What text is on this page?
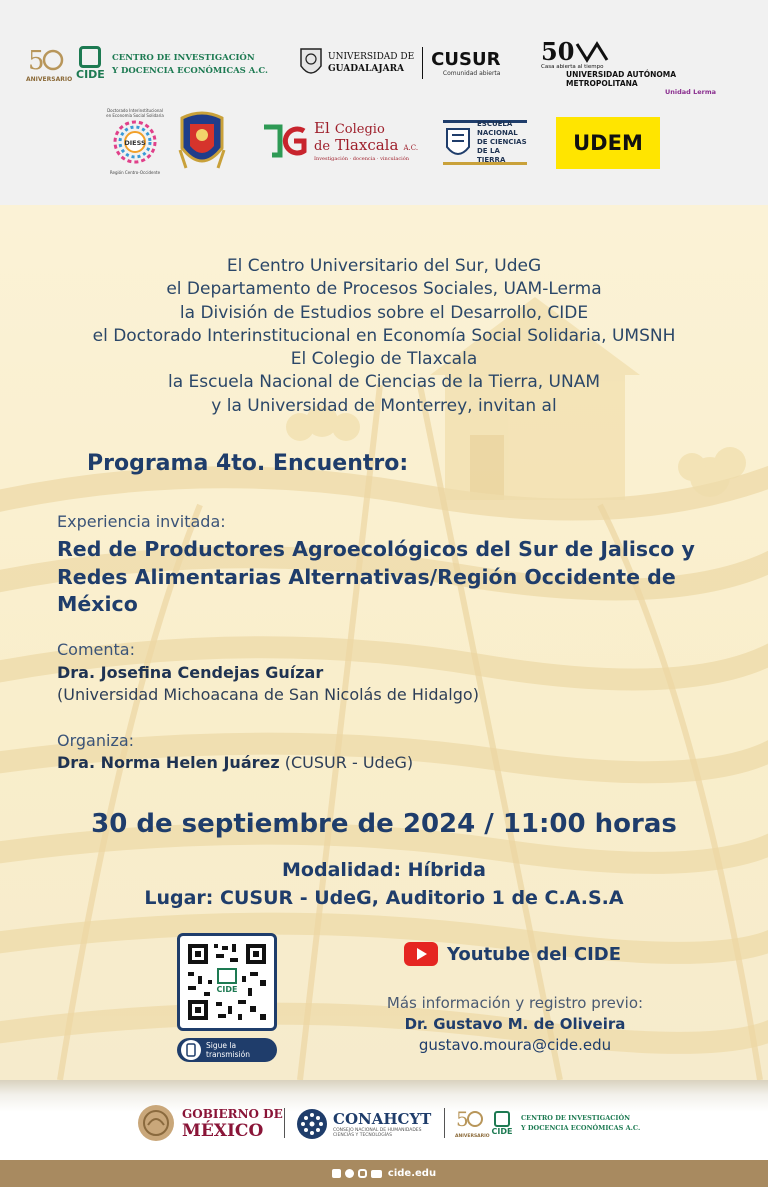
5
ANIVERSARIO CIDE
CENTRO DE INVESTIGACIÓN
Y DOCENCIA ECONÓMICAS A.C.
UNIVERSIDAD DE
GUADALAJARA	CUSUR
Comunidad abierta
50
Casa abierta al tiempo
UNIVERSIDAD AUTÓNOMA METROPOLITANA
Unidad Lerma
Doctorado Interinstitucional en Economía Social Solidaria
DIESS
Región Centro-Occidente
El Colegio
de Tlaxcala A.C.
Investigación · docencia · vinculación
ESCUELA
NACIONAL
DE CIENCIAS
DE LA TIERRA
UDEM
El Centro Universitario del Sur, UdeG
el Departamento de Procesos Sociales, UAM-Lerma
la División de Estudios sobre el Desarrollo, CIDE
el Doctorado Interinstitucional en Economía Social Solidaria, UMSNH
El Colegio de Tlaxcala
la Escuela Nacional de Ciencias de la Tierra, UNAM
y la Universidad de Monterrey, invitan al
Programa 4to. Encuentro:
Experiencia invitada:
Red de Productores Agroecológicos del Sur de Jalisco y Redes Alimentarias Alternativas/Región Occidente de México
Comenta:
Dra. Josefina Cendejas Guízar
(Universidad Michoacana de San Nicolás de Hidalgo)
Organiza:
Dra. Norma Helen Juárez (CUSUR - UdeG)
30 de septiembre de 2024 / 11:00 horas
Modalidad: Híbrida
Lugar: CUSUR - UdeG, Auditorio 1 de C.A.S.A
CIDE
Sigue la transmisión
Youtube del CIDE
Más información y registro previo:
Dr. Gustavo M. de Oliveira
gustavo.moura@cide.edu
GOBIERNO DE
MÉXICO
CONAHCYT
CONSEJO NACIONAL DE HUMANIDADES
CIENCIAS Y TECNOLOGÍAS
5
ANIVERSARIO
CIDE
CENTRO DE INVESTIGACIÓN
Y DOCENCIA ECONÓMICAS A.C.
cide.edu
